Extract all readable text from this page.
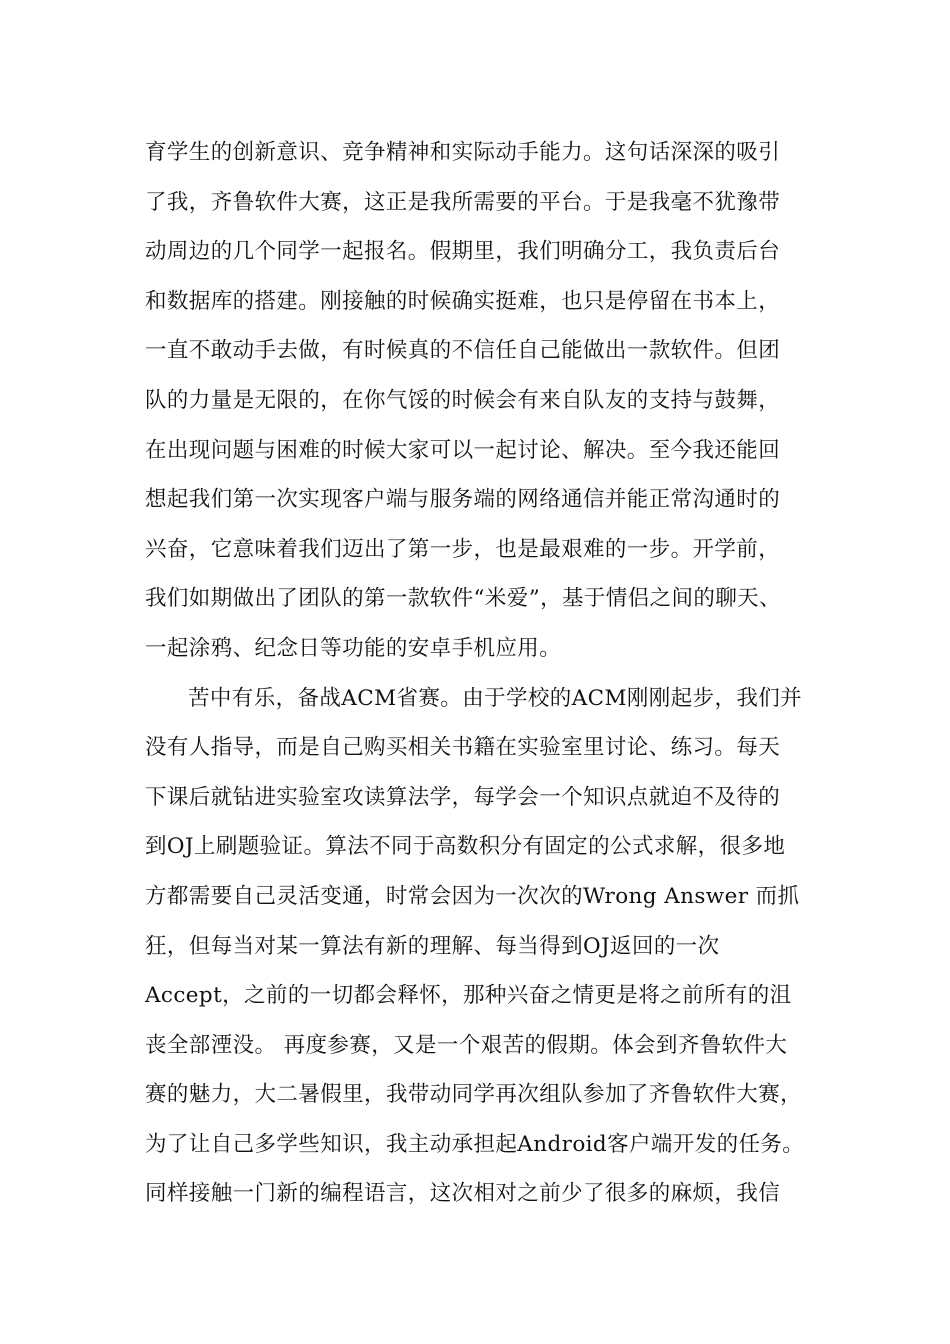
育学生的创新意识、竞争精神和实际动手能力。这句话深深的吸引
了我，齐鲁软件大赛，这正是我所需要的平台。于是我毫不犹豫带
动周边的几个同学一起报名。假期里，我们明确分工，我负责后台
和数据库的搭建。刚接触的时候确实挺难，也只是停留在书本上，
一直不敢动手去做，有时候真的不信任自己能做出一款软件。但团
队的力量是无限的，在你气馁的时候会有来自队友的支持与鼓舞，
在出现问题与困难的时候大家可以一起讨论、解决。至今我还能回
想起我们第一次实现客户端与服务端的网络通信并能正常沟通时的
兴奋，它意味着我们迈出了第一步，也是最艰难的一步。开学前，
我们如期做出了团队的第一款软件“米爱”，基于情侣之间的聊天、
一起涂鸦、纪念日等功能的安卓手机应用。
苦中有乐，备战ACM省赛。由于学校的ACM刚刚起步，我们并
没有人指导，而是自己购买相关书籍在实验室里讨论、练习。每天
下课后就钻进实验室攻读算法学，每学会一个知识点就迫不及待的
到OJ上刷题验证。算法不同于高数积分有固定的公式求解，很多地
方都需要自己灵活变通，时常会因为一次次的Wrong Answer 而抓
狂，但每当对某一算法有新的理解、每当得到OJ返回的一次
Accept，之前的一切都会释怀，那种兴奋之情更是将之前所有的沮
丧全部湮没。 再度参赛，又是一个艰苦的假期。体会到齐鲁软件大
赛的魅力，大二暑假里，我带动同学再次组队参加了齐鲁软件大赛，
为了让自己多学些知识，我主动承担起Android客户端开发的任务。
同样接触一门新的编程语言，这次相对之前少了很多的麻烦，我信
